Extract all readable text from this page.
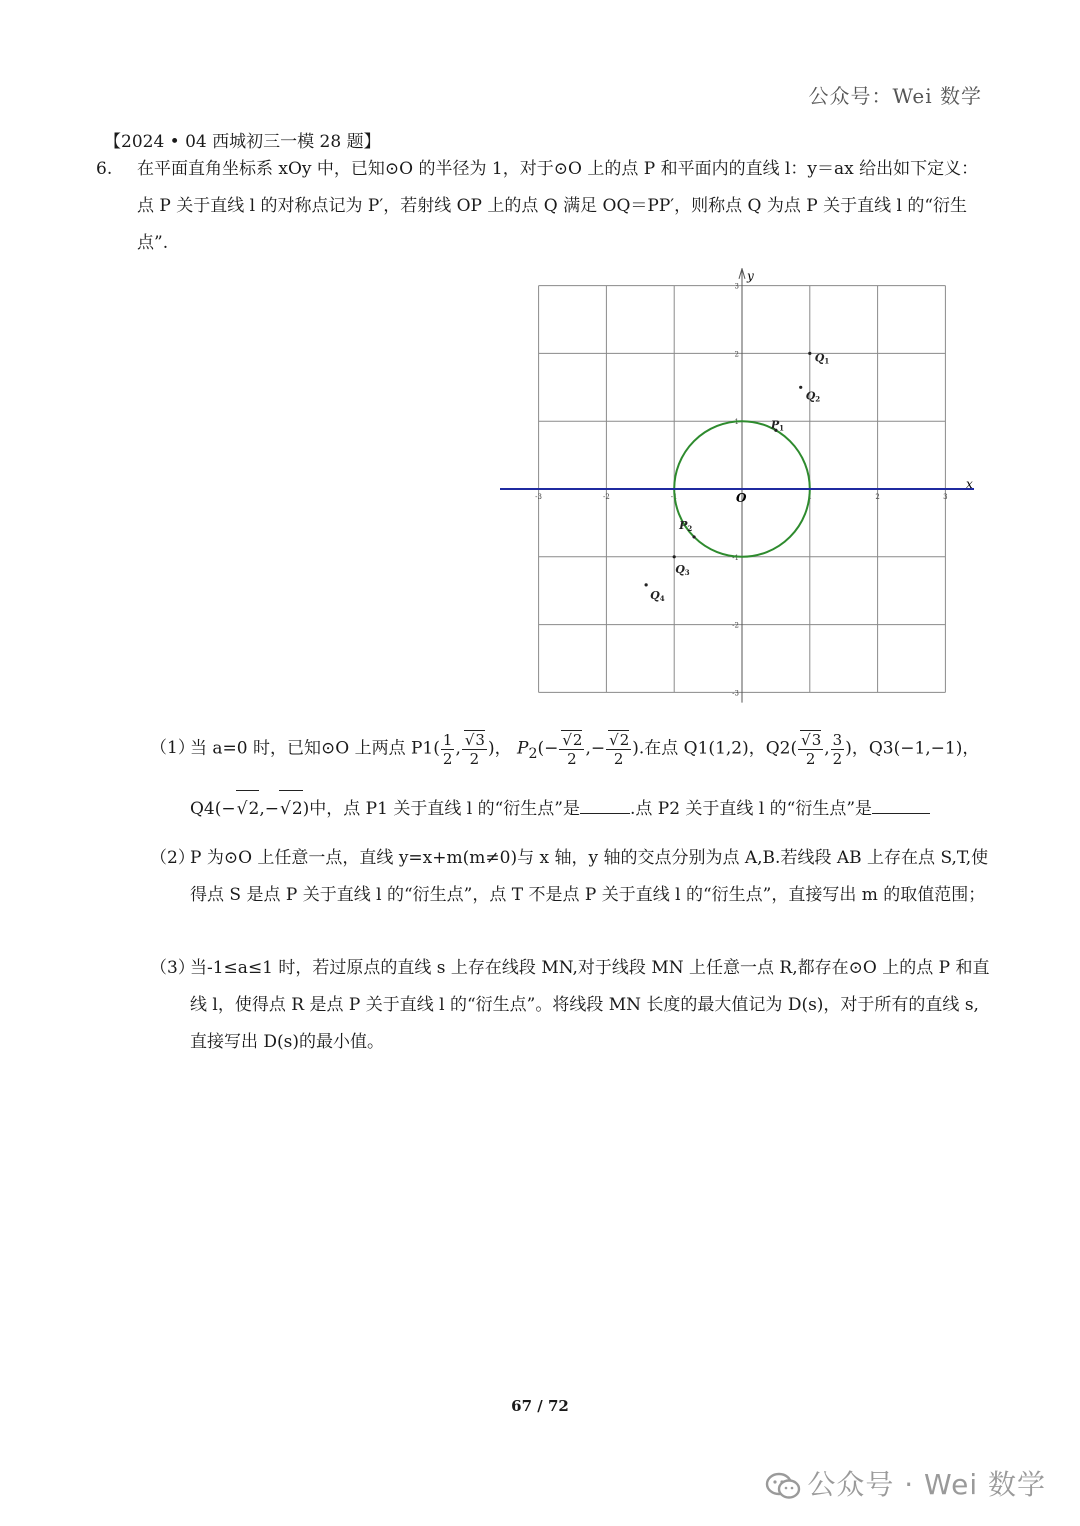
公众号：Wei 数学
【2024 • 04 西城初三一模 28 题】
6. 在平面直角坐标系 xOy 中，已知⊙O 的半径为 1，对于⊙O 上的点 P 和平面内的直线 l：y＝ax 给出如下定义：点 P 关于直线 l 的对称点记为 P′，若射线 OP 上的点 Q 满足 OQ＝PP′，则称点 Q 为点 P 关于直线 l 的“衍生点”.
-3	-2	-1	1	2	3
3
2
1
-1
-2
-3
x
y
O
Q1
Q2
P1
P2
Q3
Q4
（1）
当 a=0 时，已知⊙O 上两点 $P1( \frac{1}{2}$ , √ $\frac{3}{2}$ )， $P_2(-$ √ $\frac{2}{2}$ ,− √ $\frac{2}{2}$ ).在点 Q1(1,2)，Q2( √ $\frac{3}{2}$ , $\frac{3}{2}$ )，Q3(−1,−1)，
Q4(− √ 2,− √ 2)中，点 P1 关于直线 l 的“衍生点”是	.点 P2 关于直线 l 的“衍生点”是
（2）
P 为⊙O 上任意一点，直线 y=x+m(m≠0)与 x 轴，y 轴的交点分别为点 A,B.若线段 AB 上存在点 S,T,使得点 S 是点 P 关于直线 l 的“衍生点”，点 T 不是点 P 关于直线 l 的“衍生点”，直接写出 m 的取值范围；
（3）
当-1≤a≤1 时，若过原点的直线 s 上存在线段 MN,对于线段 MN 上任意一点 R,都存在⊙O 上的点 P 和直线 l，使得点 R 是点 P 关于直线 l 的“衍生点”。将线段 MN 长度的最大值记为 D(s)，对于所有的直线 s,直接写出 D(s)的最小值。
67 / 72
公众号 · Wei 数学
